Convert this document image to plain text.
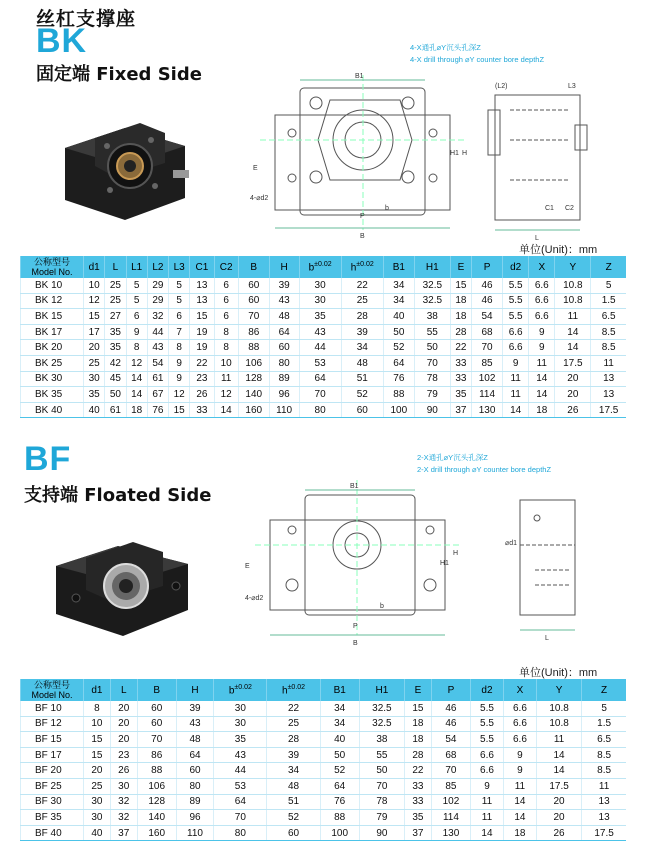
丝杠支撑座
BK
固定端 Fixed Side	B1
B
P
b
H
H1
E
4-⌀d2
L
C1 C2
(L2)	L3
4-X通孔⌀Y沉头孔深Z
4-X drill through ⌀Y counter bore depthZ
单位(Unit)：mm
公称型号
Model No.	d1	L	L1	L2	L3	C1	C2	B	H	$b^{\pm 0.02}$	$h^{\pm 0.02}$	B1	H1	E	P	d2	X	Y	Z
BK 10	10	25	5	29	5	13	6	60	39	30	22	34	32.5	15	46	5.5	6.6	10.8	5
BK 12	12	25	5	29	5	13	6	60	43	30	25	34	32.5	18	46	5.5	6.6	10.8	1.5
BK 15	15	27	6	32	6	15	6	70	48	35	28	40	38	18	54	5.5	6.6	11	6.5
BK 17	17	35	9	44	7	19	8	86	64	43	39	50	55	28	68	6.6	9	14	8.5
BK 20	20	35	8	43	8	19	8	88	60	44	34	52	50	22	70	6.6	9	14	8.5
BK 25	25	42	12	54	9	22	10	106	80	53	48	64	70	33	85	9	11	17.5	11
BK 30	30	45	14	61	9	23	11	128	89	64	51	76	78	33	102	11	14	20	13
BK 35	35	50	14	67	12	26	12	140	96	70	52	88	79	35	114	11	14	20	13
BK 40	40	61	18	76	15	33	14	160	110	80	60	100	90	37	130	14	18	26	17.5
BF
支持端 Floated Side	B1
B
P
b
H
H1
E
4-⌀d2
L
⌀d1
2-X通孔⌀Y沉头孔深Z
2-X drill through ⌀Y counter bore depthZ
单位(Unit)：mm
公称型号
Model No.	d1	L	B	H	$b^{\pm 0.02}$	$h^{\pm 0.02}$	B1	H1	E	P	d2	X	Y	Z
BF 10	8	20	60	39	30	22	34	32.5	15	46	5.5	6.6	10.8	5
BF 12	10	20	60	43	30	25	34	32.5	18	46	5.5	6.6	10.8	1.5
BF 15	15	20	70	48	35	28	40	38	18	54	5.5	6.6	11	6.5
BF 17	15	23	86	64	43	39	50	55	28	68	6.6	9	14	8.5
BF 20	20	26	88	60	44	34	52	50	22	70	6.6	9	14	8.5
BF 25	25	30	106	80	53	48	64	70	33	85	9	11	17.5	11
BF 30	30	32	128	89	64	51	76	78	33	102	11	14	20	13
BF 35	30	32	140	96	70	52	88	79	35	114	11	14	20	13
BF 40	40	37	160	110	80	60	100	90	37	130	14	18	26	17.5
